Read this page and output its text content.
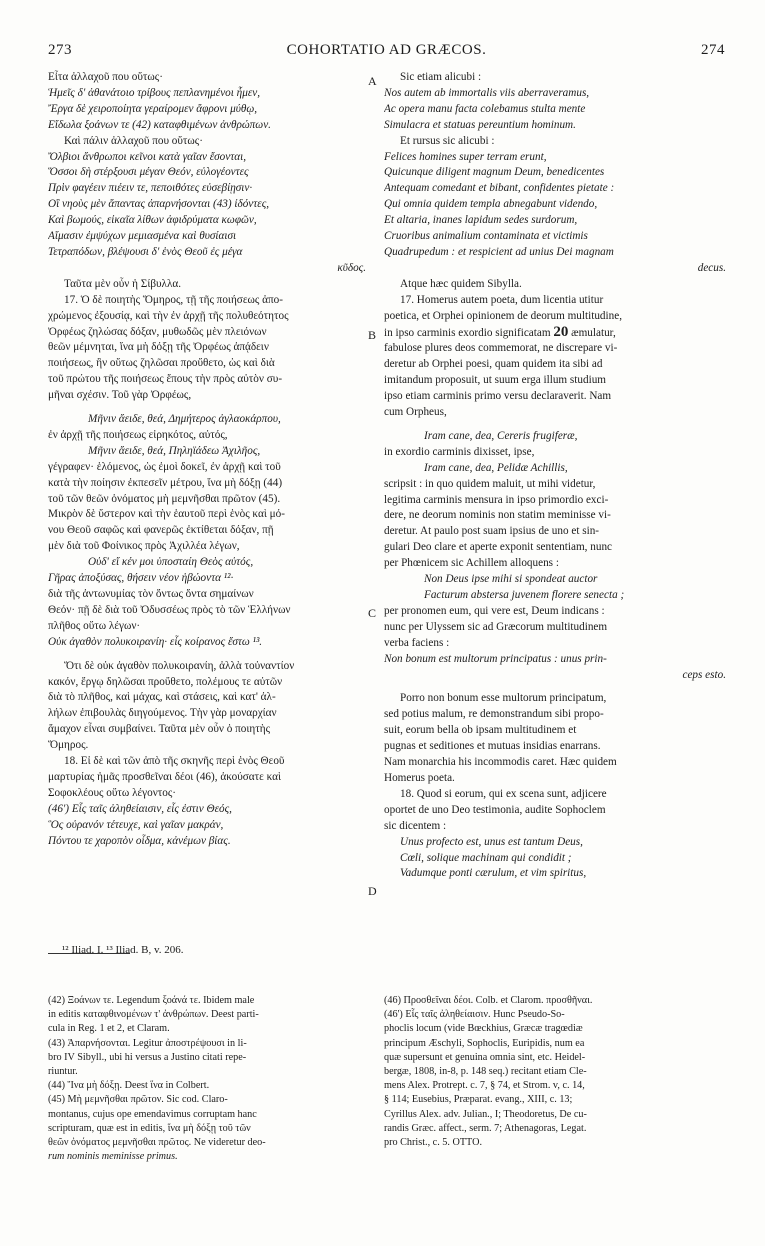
273	COHORTATIO AD GRÆCOS.	274
A
B
C
D
Εἶτα ἀλλαχοῦ που οὕτως·
Ἡμεῖς δ' ἀθανάτοιο τρίβους πεπλανημένοι ἦμεν,
Ἔργα δὲ χειροποίητα γεραίρομεν ἄφρονι μύθῳ,
Εἴδωλα ξοάνων τε (42) καταφθιμένων ἀνθρώπων.
Καὶ πάλιν ἀλλαχοῦ που οὕτως·
Ὄλβιοι ἄνθρωποι κεῖνοι κατὰ γαῖαν ἔσονται,
Ὅσσοι δὴ στέρξουσι μέγαν Θεόν, εὐλογέοντες
Πρὶν φαγέειν πιέειν τε, πεποιθότες εὐσεβίῃσιν·
Οἳ νηοὺς μὲν ἅπαντας ἀπαρνήσονται (43) ἰδόντες,
Καὶ βωμούς, εἰκαῖα λίθων ἀφιδρύματα κωφῶν,
Αἵμασιν ἐμψύχων μεμιασμένα καὶ θυσίαισι
Τετραπόδων, βλέψουσι δ' ἑνὸς Θεοῦ ἐς μέγα
κῦδος.
Ταῦτα μὲν οὖν ἡ Σίβυλλα.
17. Ὁ δὲ ποιητὴς Ὅμηρος, τῇ τῆς ποιήσεως ἀπο-
χρώμενος ἐξουσίᾳ, καὶ τὴν ἐν ἀρχῇ τῆς πολυθεότητος
Ὀρφέως ζηλώσας δόξαν, μυθωδῶς μὲν πλειόνων
θεῶν μέμνηται, ἵνα μὴ δόξῃ τῆς Ὀρφέως ἀπᾴδειν
ποιήσεως, ἣν οὕτως ζηλῶσαι προὔθετο, ὡς καὶ διὰ
τοῦ πρώτου τῆς ποιήσεως ἔπους τὴν πρὸς αὐτὸν συ-
μῆναι σχέσιν. Τοῦ γὰρ Ὀρφέως,
Μῆνιν ἄειδε, θεά, Δημήτερος ἀγλαοκάρπου,
ἐν ἀρχῇ τῆς ποιήσεως εἰρηκότος, αὐτός,
Μῆνιν ἄειδε, θεά, Πηληϊάδεω Ἀχιλῆος,
γέγραφεν· ἑλόμενος, ὡς ἐμοὶ δοκεῖ, ἐν ἀρχῇ καὶ τοῦ
κατὰ τὴν ποίησιν ἐκπεσεῖν μέτρου, ἵνα μὴ δόξῃ (44)
τοῦ τῶν θεῶν ὀνόματος μὴ μεμνῆσθαι πρῶτον (45).
Μικρὸν δὲ ὕστερον καὶ τὴν ἑαυτοῦ περὶ ἑνὸς καὶ μό-
νου Θεοῦ σαφῶς καὶ φανερῶς ἐκτίθεται δόξαν, πῇ
μὲν διὰ τοῦ Φοίνικος πρὸς Ἀχιλλέα λέγων,
Οὐδ' εἴ κέν μοι ὑποσταίη Θεὸς αὐτός,
Γῆρας ἀποξύσας, θήσειν νέον ἡβώοντα ¹²·
διὰ τῆς ἀντωνυμίας τὸν ὄντως ὄντα σημαίνων
Θεόν· πῇ δὲ διὰ τοῦ Ὀδυσσέως πρὸς τὸ τῶν Ἑλλήνων
πλῆθος οὕτω λέγων·
Οὐκ ἀγαθὸν πολυκοιρανίη· εἷς κοίρανος ἔστω ¹³.
Ὅτι δὲ οὐκ ἀγαθὸν πολυκοιρανίη, ἀλλὰ τοὐναντίον
κακόν, ἔργῳ δηλῶσαι προὔθετο, πολέμους τε αὐτῶν
διὰ τὸ πλῆθος, καὶ μάχας, καὶ στάσεις, καὶ κατ' ἀλ-
λήλων ἐπιβουλὰς διηγούμενος. Τὴν γὰρ μοναρχίαν
ἄμαχον εἶναι συμβαίνει. Ταῦτα μὲν οὖν ὁ ποιητὴς
Ὅμηρος.
18. Εἰ δὲ καὶ τῶν ἀπὸ τῆς σκηνῆς περὶ ἑνὸς Θεοῦ
μαρτυρίας ἡμᾶς προσθεῖναι δέοι (46), ἀκούσατε καὶ
Σοφοκλέους οὕτω λέγοντος·
(46') Εἷς ταῖς ἀληθείαισιν, εἷς ἐστιν Θεός,
Ὃς οὐρανόν τέτευχε, καὶ γαῖαν μακράν,
Πόντου τε χαροπὸν οἶδμα, κἀνέμων βίας.
Sic etiam alicubi :
Nos autem ab immortalis viis aberraveramus,
Ac opera manu facta colebamus stulta mente
Simulacra et statuas pereuntium hominum.
Et rursus sic alicubi :
Felices homines super terram erunt,
Quicunque diligent magnum Deum, benedicentes
Antequam comedant et bibant, confidentes pietate :
Qui omnia quidem templa abnegabunt videndo,
Et altaria, inanes lapidum sedes surdorum,
Cruoribus animalium contaminata et victimis
Quadrupedum : et respicient ad unius Dei magnam
decus.
Atque hæc quidem Sibylla.
17. Homerus autem poeta, dum licentia utitur
poetica, et Orphei opinionem de deorum multitudine,
in ipso carminis exordio significatam 20 æmulatur,
fabulose plures deos commemorat, ne discrepare vi-
deretur ab Orphei poesi, quam quidem ita sibi ad
imitandum proposuit, ut suum erga illum studium
ipso etiam carminis primo versu declaraverit. Nam
cum Orpheus,
Iram cane, dea, Cereris frugiferæ,
in exordio carminis dixisset, ipse,
Iram cane, dea, Pelidæ Achillis,
scripsit : in quo quidem maluit, ut mihi videtur,
legitima carminis mensura in ipso primordio exci-
dere, ne deorum nominis non statim meminisse vi-
deretur. At paulo post suam ipsius de uno et sin-
gulari Deo clare et aperte exponit sententiam, nunc
per Phœnicem sic Achillem alloquens :
Non Deus ipse mihi si spondeat auctor
Facturum abstersa juvenem florere senecta ;
per pronomen eum, qui vere est, Deum indicans :
nunc per Ulyssem sic ad Græcorum multitudinem
verba faciens :
Non bonum est multorum principatus : unus prin-
ceps esto.
Porro non bonum esse multorum principatum,
sed potius malum, re demonstrandum sibi propo-
suit, eorum bella ob ipsam multitudinem et
pugnas et seditiones et mutuas insidias enarrans.
Nam monarchia his incommodis caret. Hæc quidem
Homerus poeta.
18. Quod si eorum, qui ex scena sunt, adjicere
oportet de uno Deo testimonia, audite Sophoclem
sic dicentem :
Unus profecto est, unus est tantum Deus,
Cœli, solique machinam qui condidit ;
Vadumque ponti cærulum, et vim spiritus,
¹² Iliad. I. ¹³ Iliad. B, v. 206.
(42) Ξοάνων τε. Legendum ξοάνά τε. Ibidem male
in editis καταφθινομένων τ' ἀνθρώπων. Deest parti-
cula in Reg. 1 et 2, et Claram.
(43) Ἀπαρνήσονται. Legitur ἀποστρέψουσι in li-
bro IV Sibyll., ubi hi versus a Justino citati repe-
riuntur.
(44) Ἵνα μὴ δόξῃ. Deest ἵνα in Colbert.
(45) Μὴ μεμνῆσθαι πρῶτον. Sic cod. Claro-
montanus, cujus ope emendavimus corruptam hanc
scripturam, quæ est in editis, ἵνα μὴ δόξῃ τοῦ τῶν
θεῶν ὀνόματος μεμνῆσθαι πρῶτος. Ne videretur deo-
rum nominis meminisse primus.
(46) Προσθεῖναι δέοι. Colb. et Clarom. προσθῆναι.
(46') Εἷς ταῖς ἀληθείαισιν. Hunc Pseudo-So-
phoclis locum (vide Bœckhius, Græcæ tragœdiæ
principum Æschyli, Sophoclis, Euripidis, num ea
quæ supersunt et genuina omnia sint, etc. Heidel-
bergæ, 1808, in-8, p. 148 seq.) recitant etiam Cle-
mens Alex. Protrept. c. 7, § 74, et Strom. v, c. 14,
§ 114; Eusebius, Præparat. evang., XIII, c. 13;
Cyrillus Alex. adv. Julian., I; Theodoretus, De cu-
randis Græc. affect., serm. 7; Athenagoras, Legat.
pro Christ., c. 5. OTTO.
